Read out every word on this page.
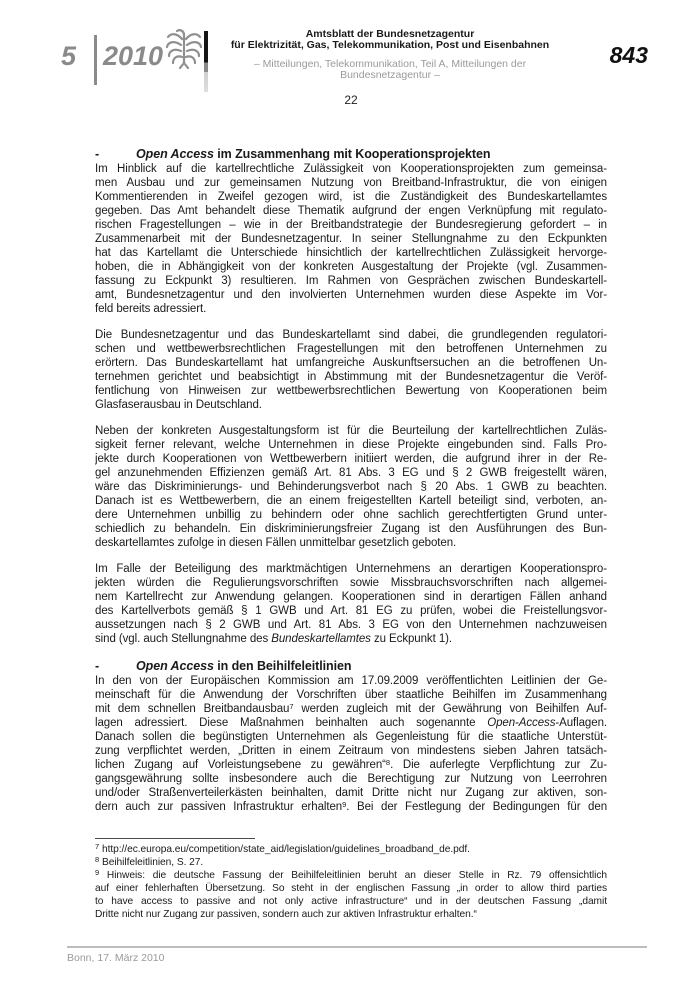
5 2010
Amtsblatt der Bundesnetzagentur
für Elektrizität, Gas, Telekommunikation, Post und Eisenbahnen
– Mitteilungen, Telekommunikation, Teil A, Mitteilungen der Bundesnetzagentur –
843
22
-	Open Access im Zusammenhang mit Kooperationsprojekten
Im Hinblick auf die kartellrechtliche Zulässigkeit von Kooperationsprojekten zum gemeinsa-
men Ausbau und zur gemeinsamen Nutzung von Breitband-Infrastruktur, die von einigen
Kommentierenden in Zweifel gezogen wird, ist die Zuständigkeit des Bundeskartellamtes
gegeben. Das Amt behandelt diese Thematik aufgrund der engen Verknüpfung mit regulato-
rischen Fragestellungen – wie in der Breitbandstrategie der Bundesregierung gefordert – in
Zusammenarbeit mit der Bundesnetzagentur. In seiner Stellungnahme zu den Eckpunkten
hat das Kartellamt die Unterschiede hinsichtlich der kartellrechtlichen Zulässigkeit hervorge-
hoben, die in Abhängigkeit von der konkreten Ausgestaltung der Projekte (vgl. Zusammen-
fassung zu Eckpunkt 3) resultieren. Im Rahmen von Gesprächen zwischen Bundeskartell-
amt, Bundesnetzagentur und den involvierten Unternehmen wurden diese Aspekte im Vor-
feld bereits adressiert.
Die Bundesnetzagentur und das Bundeskartellamt sind dabei, die grundlegenden regulatori-
schen und wettbewerbsrechtlichen Fragestellungen mit den betroffenen Unternehmen zu
erörtern. Das Bundeskartellamt hat umfangreiche Auskunftsersuchen an die betroffenen Un-
ternehmen gerichtet und beabsichtigt in Abstimmung mit der Bundesnetzagentur die Veröf-
fentlichung von Hinweisen zur wettbewerbsrechtlichen Bewertung von Kooperationen beim
Glasfaserausbau in Deutschland.
Neben der konkreten Ausgestaltungsform ist für die Beurteilung der kartellrechtlichen Zuläs-
sigkeit ferner relevant, welche Unternehmen in diese Projekte eingebunden sind. Falls Pro-
jekte durch Kooperationen von Wettbewerbern initiiert werden, die aufgrund ihrer in der Re-
gel anzunehmenden Effizienzen gemäß Art. 81 Abs. 3 EG und § 2 GWB freigestellt wären,
wäre das Diskriminierungs- und Behinderungsverbot nach § 20 Abs. 1 GWB zu beachten.
Danach ist es Wettbewerbern, die an einem freigestellten Kartell beteiligt sind, verboten, an-
dere Unternehmen unbillig zu behindern oder ohne sachlich gerechtfertigten Grund unter-
schiedlich zu behandeln. Ein diskriminierungsfreier Zugang ist den Ausführungen des Bun-
deskartellamtes zufolge in diesen Fällen unmittelbar gesetzlich geboten.
Im Falle der Beteiligung des marktmächtigen Unternehmens an derartigen Kooperationspro-
jekten würden die Regulierungsvorschriften sowie Missbrauchsvorschriften nach allgemei-
nem Kartellrecht zur Anwendung gelangen. Kooperationen sind in derartigen Fällen anhand
des Kartellverbots gemäß § 1 GWB und Art. 81 EG zu prüfen, wobei die Freistellungsvor-
aussetzungen nach § 2 GWB und Art. 81 Abs. 3 EG von den Unternehmen nachzuweisen
sind (vgl. auch Stellungnahme des Bundeskartellamtes zu Eckpunkt 1).
-	Open Access in den Beihilfeleitlinien
In den von der Europäischen Kommission am 17.09.2009 veröffentlichten Leitlinien der Ge-
meinschaft für die Anwendung der Vorschriften über staatliche Beihilfen im Zusammenhang
mit dem schnellen Breitbandausbau$^7$ werden zugleich mit der Gewährung von Beihilfen Auf-
lagen adressiert. Diese Maßnahmen beinhalten auch sogenannte Open-Access-Auflagen.
Danach sollen die begünstigten Unternehmen als Gegenleistung für die staatliche Unterstüt-
zung verpflichtet werden, „Dritten in einem Zeitraum von mindestens sieben Jahren tatsäch-
lichen Zugang auf Vorleistungsebene zu gewähren“$^8$. Die auferlegte Verpflichtung zur Zu-
gangsgewährung sollte insbesondere auch die Berechtigung zur Nutzung von Leerrohren
und/oder Straßenverteilerkästen beinhalten, damit Dritte nicht nur Zugang zur aktiven, son-
dern auch zur passiven Infrastruktur erhalten$^9$. Bei der Festlegung der Bedingungen für den
$^7$ http://ec.europa.eu/competition/state_aid/legislation/guidelines_broadband_de.pdf.
$^8$ Beihilfeleitlinien, S. 27.
$^9$ Hinweis: die deutsche Fassung der Beihilfeleitlinien beruht an dieser Stelle in Rz. 79 offensichtlich
auf einer fehlerhaften Übersetzung. So steht in der englischen Fassung „in order to allow third parties
to have access to passive and not only active infrastructure“ und in der deutschen Fassung „damit
Dritte nicht nur Zugang zur passiven, sondern auch zur aktiven Infrastruktur erhalten.“
Bonn, 17. März 2010
